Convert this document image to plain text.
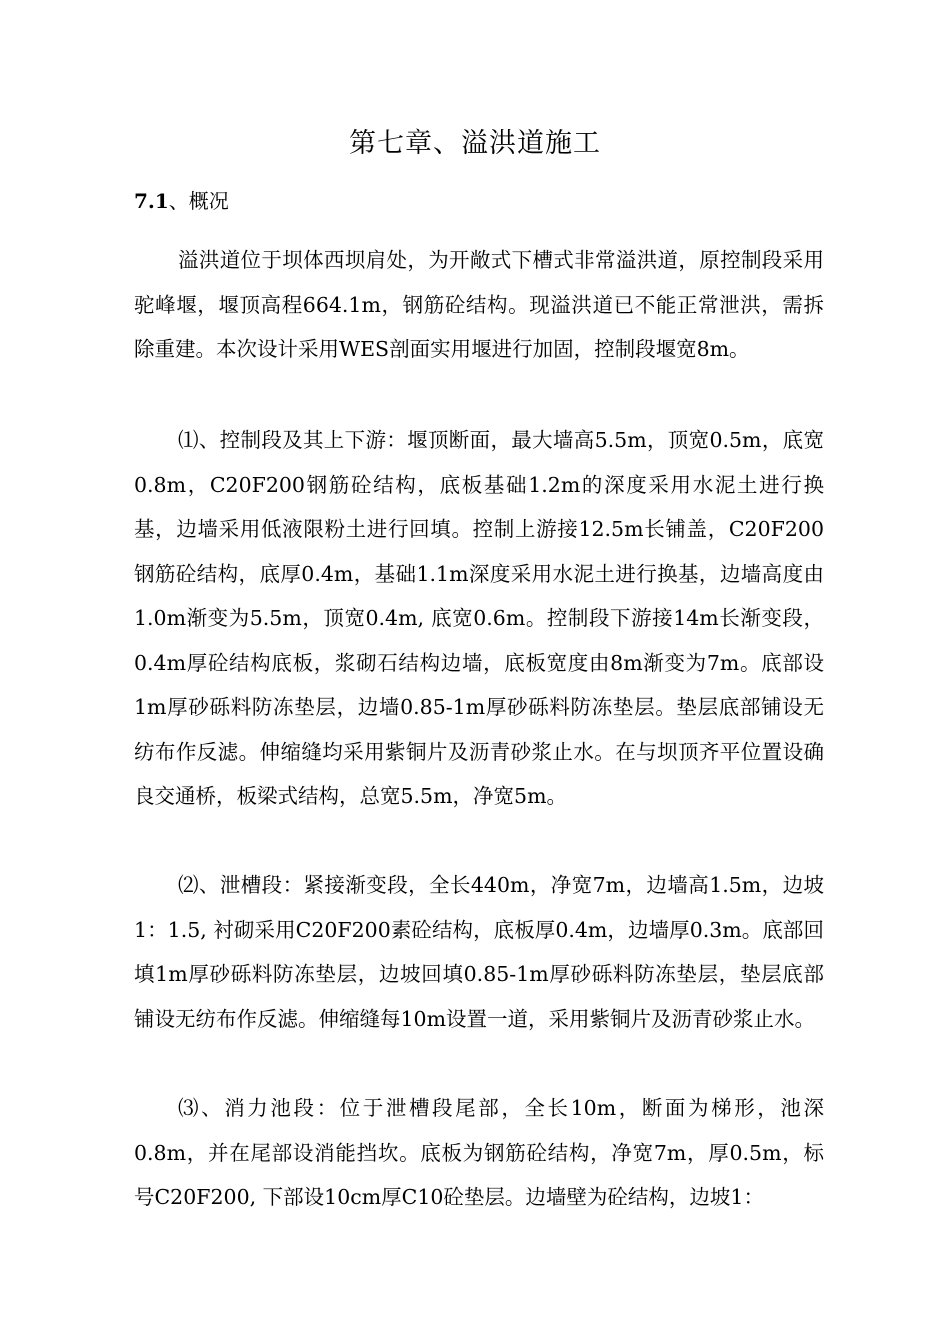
第七章、溢洪道施工
7.1、概况

溢洪道位于坝体西坝肩处，为开敞式下槽式非常溢洪道，原控制段采用驼峰堰，堰顶高程664.1m，钢筋砼结构。现溢洪道已不能正常泄洪，需拆除重建。本次设计采用WES剖面实用堰进行加固，控制段堰宽8m。

⑴、控制段及其上下游：堰顶断面，最大墙高5.5m，顶宽0.5m，底宽0.8m，C20F200钢筋砼结构，底板基础1.2m的深度采用水泥土进行换基，边墙采用低液限粉土进行回填。控制上游接12.5m长铺盖，C20F200钢筋砼结构，底厚0.4m，基础1.1m深度采用水泥土进行换基，边墙高度由1.0m渐变为5.5m，顶宽0.4m, 底宽0.6m。控制段下游接14m长渐变段，0.4m厚砼结构底板，浆砌石结构边墙，底板宽度由8m渐变为7m。底部设1m厚砂砾料防冻垫层，边墙0.85-1m厚砂砾料防冻垫层。垫层底部铺设无纺布作反滤。伸缩缝均采用紫铜片及沥青砂浆止水。在与坝顶齐平位置设确良交通桥，板梁式结构，总宽5.5m，净宽5m。

⑵、泄槽段：紧接渐变段，全长440m，净宽7m，边墙高1.5m，边坡1：1.5, 衬砌采用C20F200素砼结构，底板厚0.4m，边墙厚0.3m。底部回填1m厚砂砾料防冻垫层，边坡回填0.85-1m厚砂砾料防冻垫层，垫层底部铺设无纺布作反滤。伸缩缝每10m设置一道，采用紫铜片及沥青砂浆止水。

⑶、消力池段：位于泄槽段尾部，全长10m，断面为梯形，池深0.8m，并在尾部设消能挡坎。底板为钢筋砼结构，净宽7m，厚0.5m，标号C20F200, 下部设10cm厚C10砼垫层。边墙壁为砼结构，边坡1：
